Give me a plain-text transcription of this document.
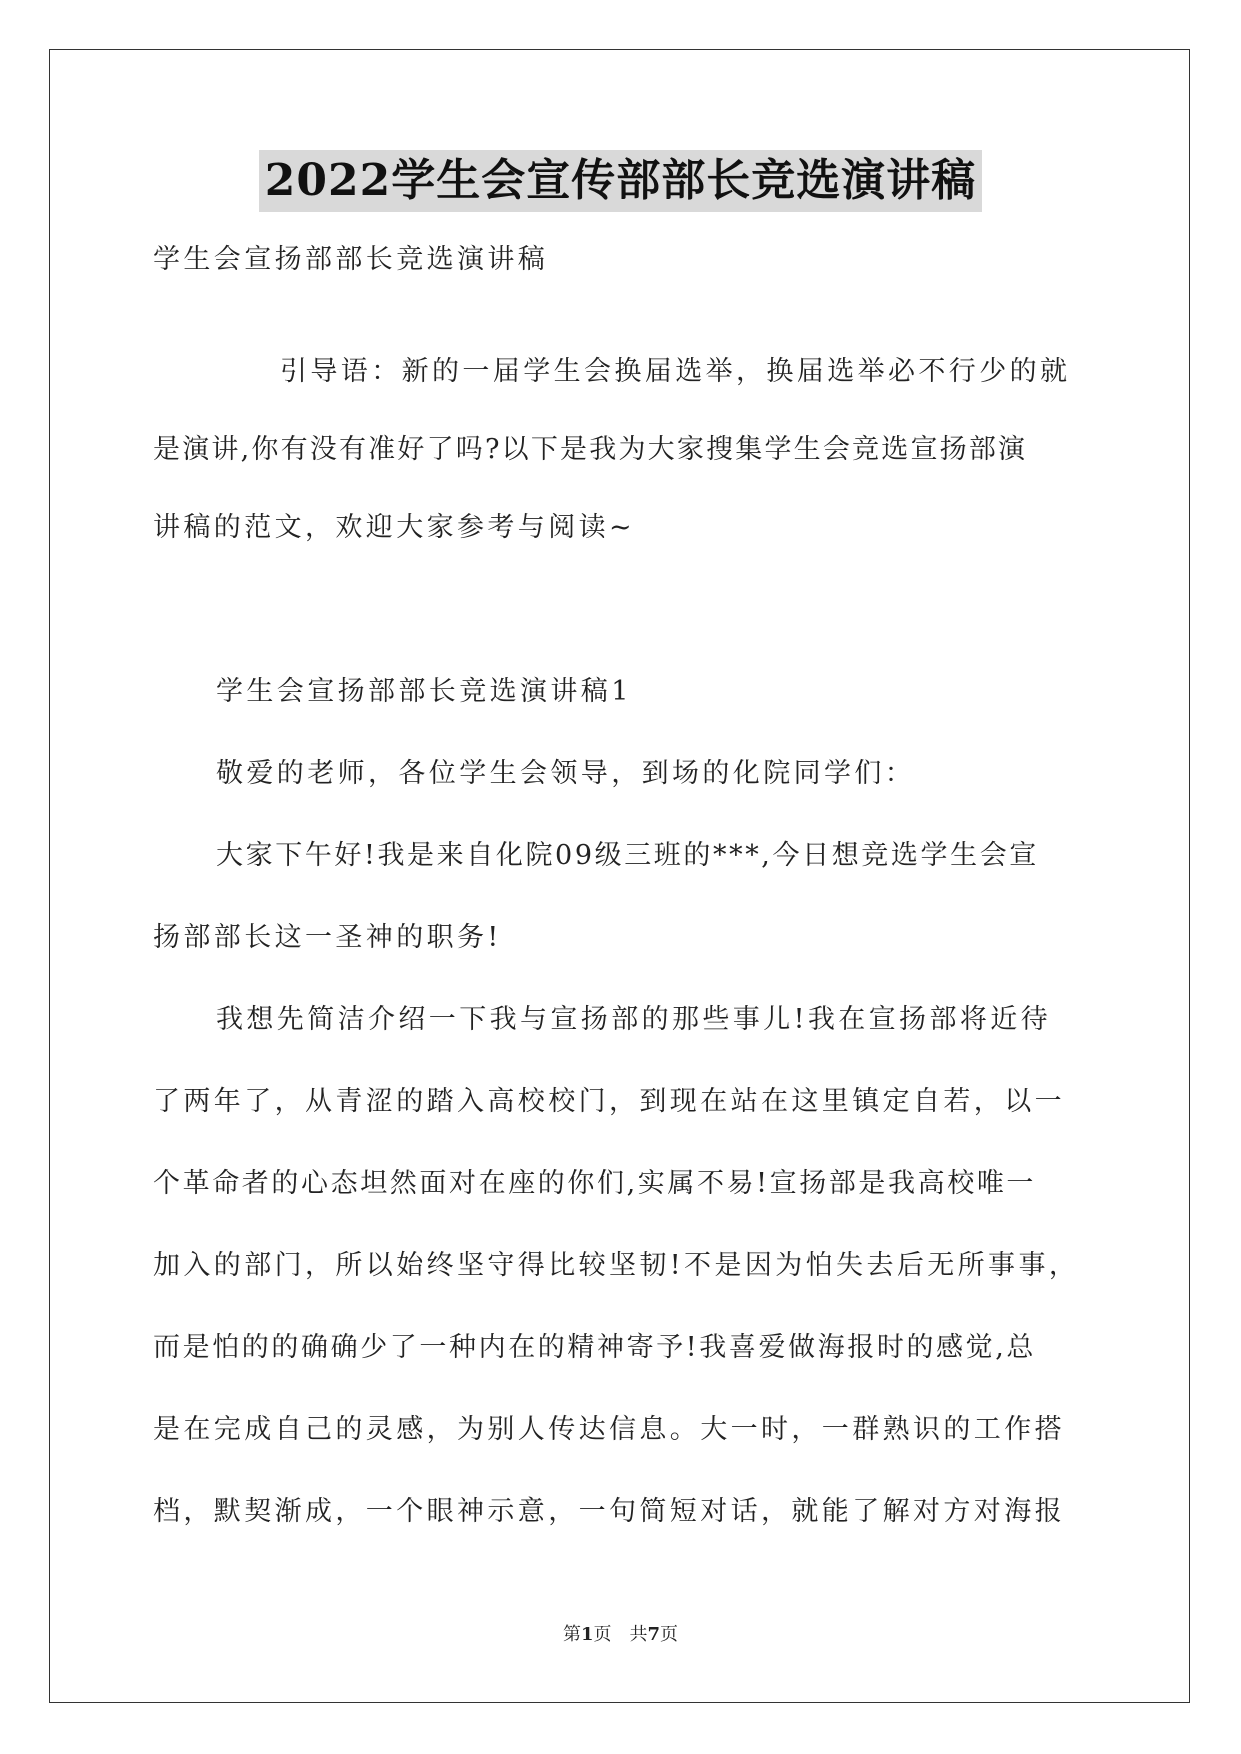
2022学生会宣传部部长竞选演讲稿
学生会宣扬部部长竞选演讲稿
引导语：新的一届学生会换届选举，换届选举必不行少的就
是演讲,你有没有准好了吗?以下是我为大家搜集学生会竞选宣扬部演
讲稿的范文，欢迎大家参考与阅读~
学生会宣扬部部长竞选演讲稿1
敬爱的老师，各位学生会领导，到场的化院同学们：
大家下午好!我是来自化院09级三班的***,今日想竞选学生会宣
扬部部长这一圣神的职务!
我想先简洁介绍一下我与宣扬部的那些事儿!我在宣扬部将近待
了两年了，从青涩的踏入高校校门，到现在站在这里镇定自若，以一
个革命者的心态坦然面对在座的你们,实属不易!宣扬部是我高校唯一
加入的部门，所以始终坚守得比较坚韧!不是因为怕失去后无所事事，
而是怕的的确确少了一种内在的精神寄予!我喜爱做海报时的感觉,总
是在完成自己的灵感，为别人传达信息。大一时，一群熟识的工作搭
档，默契渐成，一个眼神示意，一句简短对话，就能了解对方对海报
第1页　共7页
